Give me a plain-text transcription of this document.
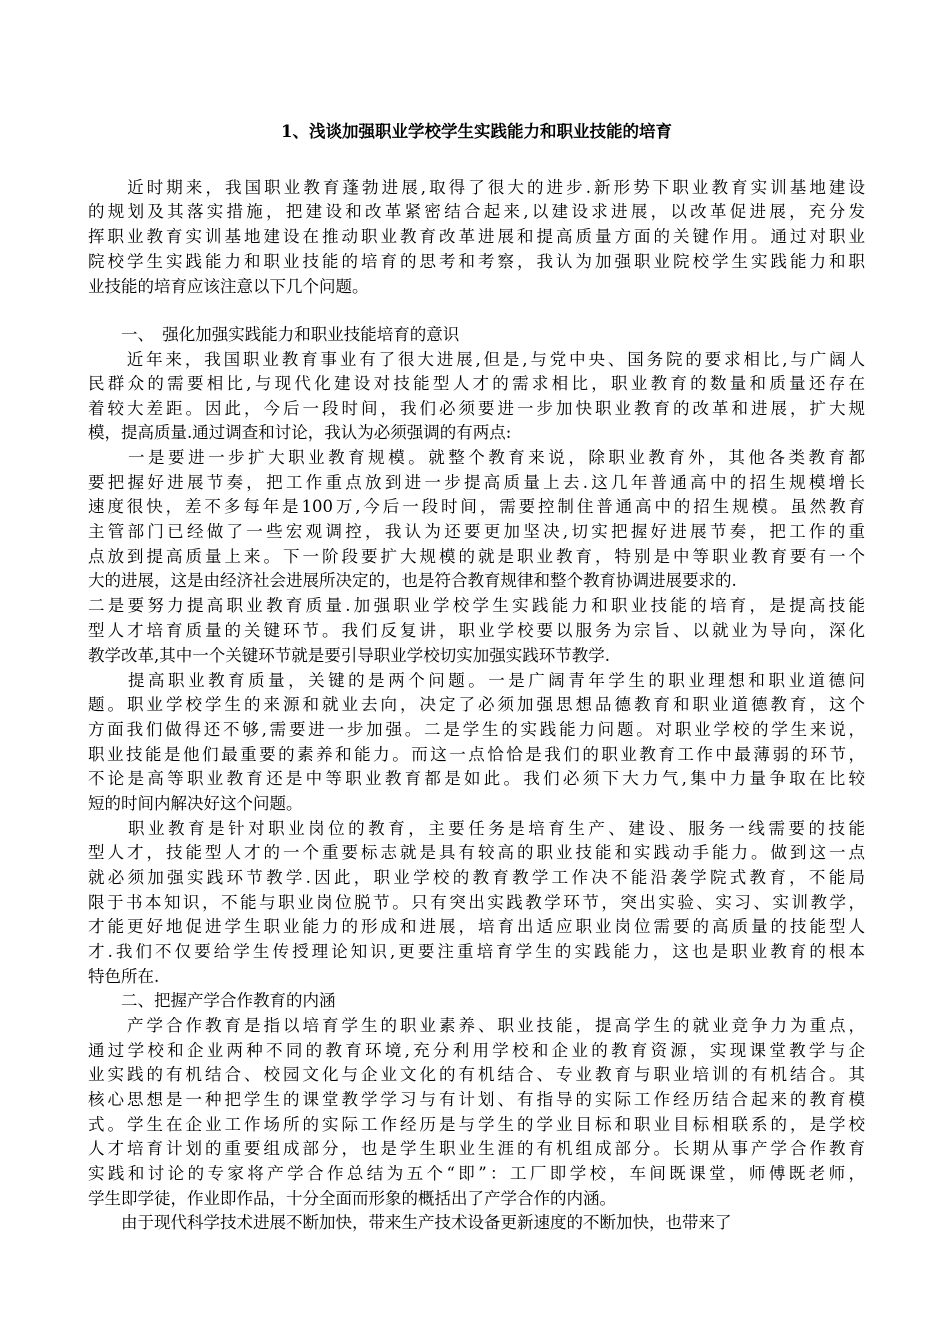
1、浅谈加强职业学校学生实践能力和职业技能的培育
　　近时期来，我国职业教育蓬勃进展,取得了很大的进步.新形势下职业教育实训基地建设
的规划及其落实措施，把建设和改革紧密结合起来,以建设求进展，以改革促进展，充分发
挥职业教育实训基地建设在推动职业教育改革进展和提高质量方面的关键作用。通过对职业
院校学生实践能力和职业技能的培育的思考和考察，我认为加强职业院校学生实践能力和职
业技能的培育应该注意以下几个问题。
　　一、　强化加强实践能力和职业技能培育的意识
　　近年来，我国职业教育事业有了很大进展,但是,与党中央、国务院的要求相比,与广阔人
民群众的需要相比,与现代化建设对技能型人才的需求相比，职业教育的数量和质量还存在
着较大差距。因此，今后一段时间，我们必须要进一步加快职业教育的改革和进展，扩大规
模，提高质量.通过调查和讨论，我认为必须强调的有两点:
　　一是要进一步扩大职业教育规模。就整个教育来说，除职业教育外，其他各类教育都
要把握好进展节奏，把工作重点放到进一步提高质量上去.这几年普通高中的招生规模增长
速度很快，差不多每年是100万,今后一段时间，需要控制住普通高中的招生规模。虽然教育
主管部门已经做了一些宏观调控，我认为还要更加坚决,切实把握好进展节奏，把工作的重
点放到提高质量上来。下一阶段要扩大规模的就是职业教育，特别是中等职业教育要有一个
大的进展，这是由经济社会进展所决定的，也是符合教育规律和整个教育协调进展要求的.
二是要努力提高职业教育质量.加强职业学校学生实践能力和职业技能的培育，是提高技能
型人才培育质量的关键环节。我们反复讲，职业学校要以服务为宗旨、以就业为导向，深化
教学改革,其中一个关键环节就是要引导职业学校切实加强实践环节教学.
　　提高职业教育质量，关键的是两个问题。一是广阔青年学生的职业理想和职业道德问
题。职业学校学生的来源和就业去向，决定了必须加强思想品德教育和职业道德教育，这个
方面我们做得还不够,需要进一步加强。二是学生的实践能力问题。对职业学校的学生来说，
职业技能是他们最重要的素养和能力。而这一点恰恰是我们的职业教育工作中最薄弱的环节，
不论是高等职业教育还是中等职业教育都是如此。我们必须下大力气,集中力量争取在比较
短的时间内解决好这个问题。
　　职业教育是针对职业岗位的教育，主要任务是培育生产、建设、服务一线需要的技能
型人才，技能型人才的一个重要标志就是具有较高的职业技能和实践动手能力。做到这一点
就必须加强实践环节教学.因此，职业学校的教育教学工作决不能沿袭学院式教育，不能局
限于书本知识，不能与职业岗位脱节。只有突出实践教学环节，突出实验、实习、实训教学，
才能更好地促进学生职业能力的形成和进展，培育出适应职业岗位需要的高质量的技能型人
才.我们不仅要给学生传授理论知识,更要注重培育学生的实践能力，这也是职业教育的根本
特色所在.
　　二、把握产学合作教育的内涵
　　产学合作教育是指以培育学生的职业素养、职业技能，提高学生的就业竞争力为重点，
通过学校和企业两种不同的教育环境,充分利用学校和企业的教育资源，实现课堂教学与企
业实践的有机结合、校园文化与企业文化的有机结合、专业教育与职业培训的有机结合。其
核心思想是一种把学生的课堂教学学习与有计划、有指导的实际工作经历结合起来的教育模
式。学生在企业工作场所的实际工作经历是与学生的学业目标和职业目标相联系的，是学校
人才培育计划的重要组成部分，也是学生职业生涯的有机组成部分。长期从事产学合作教育
实践和讨论的专家将产学合作总结为五个“即”：工厂即学校，车间既课堂，师傅既老师，
学生即学徒，作业即作品，十分全面而形象的概括出了产学合作的内涵。
　　由于现代科学技术进展不断加快，带来生产技术设备更新速度的不断加快，也带来了
